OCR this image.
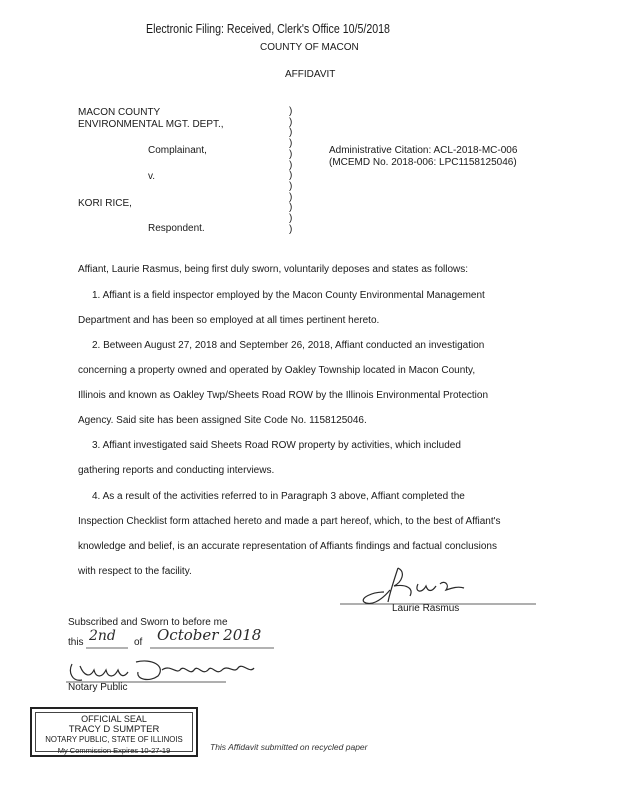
Electronic Filing: Received, Clerk's Office 10/5/2018
COUNTY OF MACON
AFFIDAVIT
MACON COUNTY
ENVIRONMENTAL MGT. DEPT.,
Complainant,
v.
KORI RICE,
Respondent.
)
)
)
)
)
)
)
)
)
)
)
)
Administrative Citation: ACL-2018-MC-006
(MCEMD No. 2018-006: LPC1158125046)
Affiant, Laurie Rasmus, being first duly sworn, voluntarily deposes and states as follows:
1. Affiant is a field inspector employed by the Macon County Environmental Management
Department and has been so employed at all times pertinent hereto.
2. Between August 27, 2018 and September 26, 2018, Affiant conducted an investigation
concerning a property owned and operated by Oakley Township located in Macon County,
Illinois and known as Oakley Twp/Sheets Road ROW by the Illinois Environmental Protection
Agency. Said site has been assigned Site Code No. 1158125046.
3. Affiant investigated said Sheets Road ROW property by activities, which included
gathering reports and conducting interviews.
4. As a result of the activities referred to in Paragraph 3 above, Affiant completed the
Inspection Checklist form attached hereto and made a part hereof, which, to the best of Affiant's
knowledge and belief, is an accurate representation of Affiants findings and factual conclusions
with respect to the facility.
Laurie Rasmus
Subscribed and Sworn to before me
this 2nd of October 2018
Notary Public
OFFICIAL SEAL
TRACY D SUMPTER
NOTARY PUBLIC, STATE OF ILLINOIS
My Commission Expires 10-27-19	This Affidavit submitted on recycled paper
